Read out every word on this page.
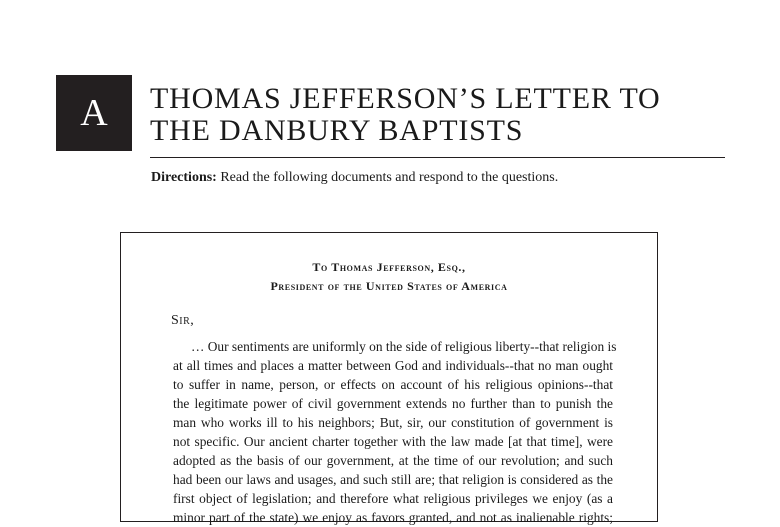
A THOMAS JEFFERSON’S LETTER TO
THE DANBURY BAPTISTS
Directions: Read the following documents and respond to the questions.
To Thomas Jefferson, Esq.,
President of the United States of America
Sir,
… Our sentiments are uniformly on the side of religious liberty--that religion is
at all times and places a matter between God and individuals--that no man ought
to suffer in name, person, or effects on account of his religious opinions--that
the legitimate power of civil government extends no further than to punish the
man who works ill to his neighbors; But, sir, our constitution of government is
not specific. Our ancient charter together with the law made [at that time], were
adopted as the basis of our government, at the time of our revolution; and such
had been our laws and usages, and such still are; that religion is considered as the
first object of legislation; and therefore what religious privileges we enjoy (as a
minor part of the state) we enjoy as favors granted, and not as inalienable rights;
